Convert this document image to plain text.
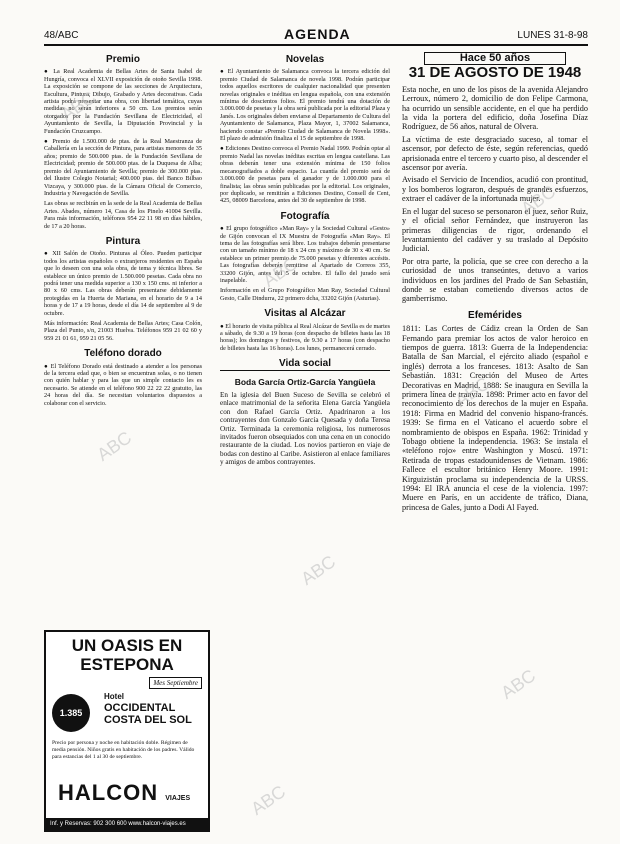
48/ABC	AGENDA	LUNES 31-8-98
Premio

● La Real Academia de Bellas Artes de Santa Isabel de Hungría, convoca el XLVII exposición de otoño Sevilla 1998. La exposición se compone de las secciones de Arquitectura, Escultura, Pintura, Dibujo, Grabado y Artes decorativas. Cada artista podrá presentar una obra, con libertad temática, cuyas medidas no serán inferiores a 50 cm. Los premios serán otorgados por la Fundación Sevillana de Electricidad, el Ayuntamiento de Sevilla, la Diputación Provincial y la Fundación Cruzcampo.

● Premio de 1.500.000 de ptas. de la Real Maestranza de Caballería en la sección de Pintura, para artistas menores de 35 años; premio de 500.000 ptas. de la Fundación Sevillana de Electricidad; premio de 500.000 ptas. de la Duquesa de Alba; premio del Ayuntamiento de Sevilla; premio de 300.000 ptas. del Ilustre Colegio Notarial; 400.000 ptas. del Banco Bilbao Vizcaya, y 300.000 ptas. de la Cámara Oficial de Comercio, Industria y Navegación de Sevilla.

Las obras se recibirán en la sede de la Real Academia de Bellas Artes. Abades, número 14, Casa de los Pinelo 41004 Sevilla. Para más información, teléfonos 954 22 11 98 en días hábiles, de 17 a 20 horas.

Pintura

● XII Salón de Otoño. Pinturas al Óleo. Pueden participar todos los artistas españoles o extranjeros residentes en España que lo deseen con una sola obra, de tema y técnica libres. Se establece un único premio de 1.500.000 pesetas. Cada obra no podrá tener una medida superior a 130 x 150 cms. ni inferior a 80 x 60 cms. Las obras deberán presentarse debidamente protegidas en la Huerta de Mariana, en el horario de 9 a 14 horas y de 17 a 19 horas, desde el día 14 de septiembre al 9 de octubre.

Más información: Real Academia de Bellas Artes; Casa Colón, Plaza del Punto, s/n, 21003 Huelva. Teléfonos 959 21 02 60 y 959 21 01 61, 959 21 05 56.

Teléfono dorado

● El Teléfono Dorado está destinado a atender a los personas de la tercera edad que, o bien se encuentran solas, o no tienen con quién hablar y para las que un simple contacto les es necesario. Se atiende en el teléfono 900 22 22 22 gratuito, las 24 horas del día. Se necesitan voluntarios dispuestos a colaborar con el servicio.

UN OASIS EN ESTEPONA
Mes Septiembre
1.385
Hotel
OCCIDENTAL COSTA DEL SOL
Precio por persona y noche en habitación doble. Régimen de media pensión. Niños gratis en habitación de los padres. Válido para estancias del 1 al 30 de septiembre.
HALCON VIAJES
Inf. y Reservas: 902 300 600 www.halcon-viajes.es
Novelas

● El Ayuntamiento de Salamanca convoca la tercera edición del premio Ciudad de Salamanca de novela 1998. Podrán participar todos aquellos escritores de cualquier nacionalidad que presenten novelas originales e inéditas en lengua española, con una extensión mínima de doscientos folios. El premio tendrá una dotación de 3.000.000 de pesetas y la obra será publicada por la editorial Plaza y Janés. Los originales deben enviarse al Departamento de Cultura del Ayuntamiento de Salamanca, Plaza Mayor, 1, 37002 Salamanca, haciendo constar «Premio Ciudad de Salamanca de Novela 1998». El plazo de admisión finaliza el 15 de septiembre de 1998.

● Ediciones Destino convoca el Premio Nadal 1999. Podrán optar al premio Nadal las novelas inéditas escritas en lengua castellana. Las obras deberán tener una extensión mínima de 150 folios mecanografiados a doble espacio. La cuantía del premio será de 3.000.000 de pesetas para el ganador y de 1.000.000 para el finalista; las obras serán publicadas por la editorial. Los originales, por duplicado, se remitirán a Ediciones Destino, Consell de Cent, 425, 08009 Barcelona, antes del 30 de septiembre de 1998.

Fotografía

● El grupo fotográfico «Man Ray» y la Sociedad Cultural «Gesto» de Gijón convocan el IX Muestra de Fotografía «Man Ray». El tema de las fotografías será libre. Los trabajos deberán presentarse con un tamaño mínimo de 18 x 24 cm y máximo de 30 x 40 cm. Se establece un primer premio de 75.000 pesetas y diferentes accésits. Las fotografías deberán remitirse al Apartado de Correos 355, 33200 Gijón, antes del 5 de octubre. El fallo del jurado será inapelable.

Información en el Grupo Fotográfico Man Ray, Sociedad Cultural Gesto, Calle Dindurra, 22 primero dcha, 33202 Gijón (Asturias).

Visitas al Alcázar

● El horario de visita pública al Real Alcázar de Sevilla es de martes a sábado, de 9.30 a 19 horas (con despacho de billetes hasta las 18 horas); los domingos y festivos, de 9.30 a 17 horas (con despacho de billetes hasta las 16 horas). Los lunes, permanecerá cerrado.

Vida social
Boda García Ortiz-García Yangüela

En la iglesia del Buen Suceso de Sevilla se celebró el enlace matrimonial de la señorita Elena García Yangüela con don Rafael García Ortiz. Apadrinaron a los contrayentes don Gonzalo García Quesada y doña Teresa Ortiz. Terminada la ceremonia religiosa, los numerosos invitados fueron obsequiados con una cena en un conocido restaurante de la ciudad. Los novios partieron en viaje de bodas con destino al Caribe. Asistieron al enlace familiares y amigos de ambos contrayentes.

Hace 50 años
31 DE AGOSTO DE 1948

Esta noche, en uno de los pisos de la avenida Alejandro Lerroux, número 2, domicilio de don Felipe Carmona, ha ocurrido un sensible accidente, en el que ha perdido la vida la portera del edificio, doña Josefina Díaz Rodríguez, de 56 años, natural de Olvera.

La víctima de este desgraciado suceso, al tomar el ascensor, por defecto de éste, según referencias, quedó aprisionada entre el tercero y cuarto piso, al descender el ascensor por avería.

Avisado el Servicio de Incendios, acudió con prontitud, y los bomberos lograron, después de grandes esfuerzos, extraer el cadáver de la infortunada mujer.

En el lugar del suceso se personaron el juez, señor Ruiz, y el oficial señor Fernández, que instruyeron las primeras diligencias de rigor, ordenando el levantamiento del cadáver y su traslado al Depósito Judicial.

Por otra parte, la policía, que se cree con derecho a la curiosidad de unos transeúntes, detuvo a varios individuos en los jardines del Prado de San Sebastián, donde se estaban cometiendo diversos actos de gamberrismo.

Efemérides

1811: Las Cortes de Cádiz crean la Orden de San Fernando para premiar los actos de valor heroico en tiempos de guerra. 1813: Guerra de la Independencia: Batalla de San Marcial, el ejército aliado (español e inglés) derrota a los franceses. 1813: Asalto de San Sebastián. 1831: Creación del Museo de Artes Decorativas en Madrid. 1888: Se inaugura en Sevilla la primera línea de tranvía. 1898: Primer acto en favor del reconocimiento de los derechos de la mujer en España. 1918: Firma en Madrid del convenio hispano-francés. 1939: Se firma en el Vaticano el acuerdo sobre el nombramiento de obispos en España. 1962: Trinidad y Tobago obtiene la independencia. 1963: Se instala el «teléfono rojo» entre Washington y Moscú. 1971: Retirada de tropas estadounidenses de Vietnam. 1986: Fallece el escultor británico Henry Moore. 1991: Kirguizistán proclama su independencia de la URSS. 1994: El IRA anuncia el cese de la violencia. 1997: Muere en París, en un accidente de tráfico, Diana, princesa de Gales, junto a Dodi Al Fayed.

ABC
ABC
ABC
ABC
ABC
ABC
ABC
ABC
